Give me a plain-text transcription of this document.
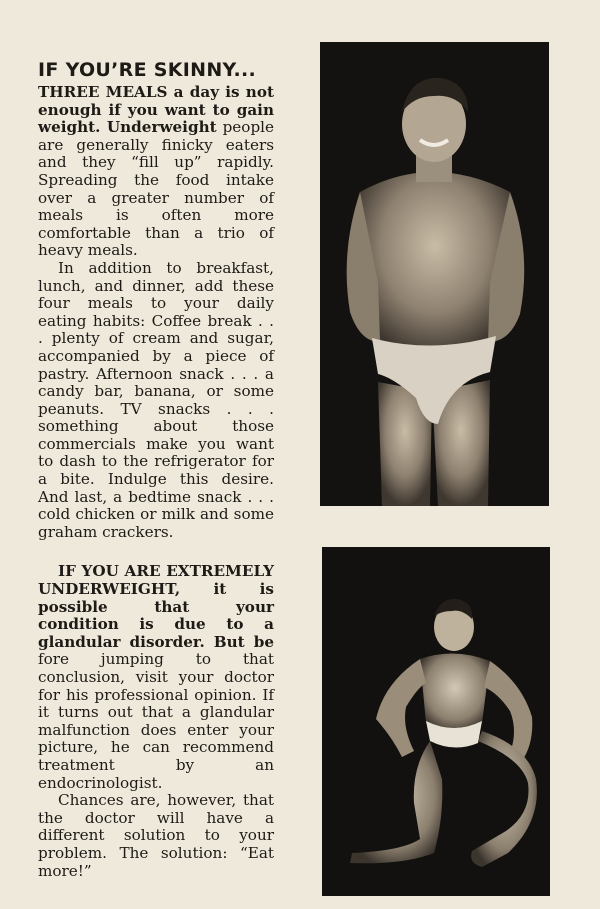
IF YOU’RE SKINNY...

THREE MEALS a day is not enough if you want to gain weight. Underweight people are generally finicky eaters and they “fill up” rapidly. Spreading the food intake over a greater number of meals is often more comfortable than a trio of heavy meals.

In addition to breakfast, lunch, and dinner, add these four meals to your daily eating habits: Coffee break . . . plenty of cream and sugar, accompanied by a piece of pastry. Afternoon snack . . . a candy bar, banana, or some peanuts. TV snacks . . . something about those commercials make you want to dash to the refrigerator for a bite. Indulge this desire. And last, a bedtime snack . . . cold chicken or milk and some graham crackers.

IF YOU ARE EXTREMELY UNDERWEIGHT, it is possible that your condition is due to a glandular disorder. But be fore jumping to that conclusion, visit your doctor for his professional opinion. If it turns out that a glandular malfunction does enter your picture, he can recommend treatment by an endocrinologist.

Chances are, however, that the doctor will have a different solution to your problem. The solution: “Eat more!”
